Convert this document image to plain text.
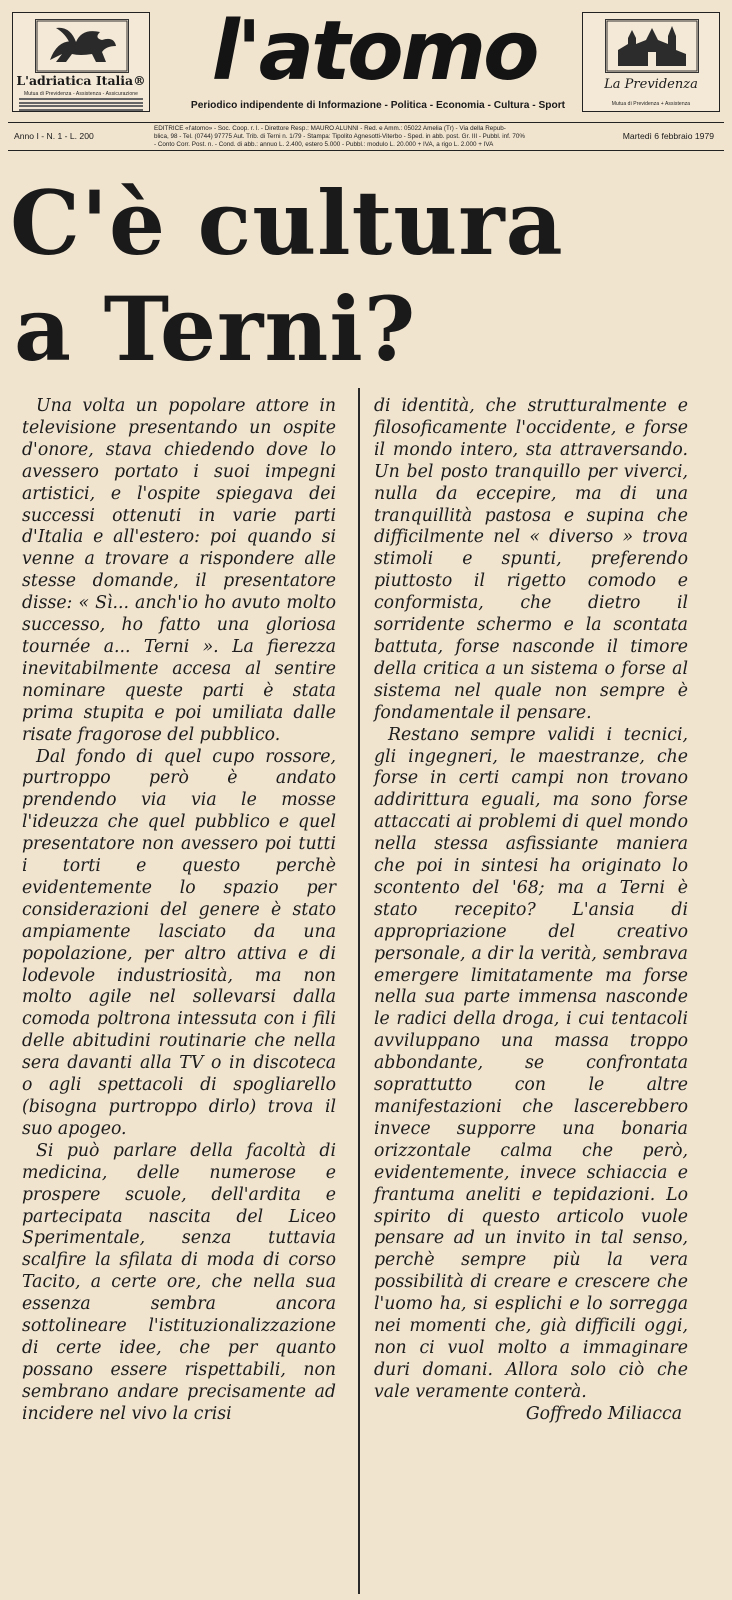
L'adriatica Italia®
Mutua di Previdenza - Assistenza - Assicurazione l'atomo
Periodico indipendente di Informazione - Politica - Economia - Cultura - Sport
La Previdenza
Mutua di Previdenza + Assistenza
Anno I - N. 1 - L. 200
EDITRICE «l'atomo» - Soc. Coop. r. l. - Direttore Resp.: MAURO ALUNNI - Red. e Amm.: 05022 Amelia (Tr) - Via della Repub-
blica, 98 - Tel. (0744) 97775 Aut. Trib. di Terni n. 1/79 - Stampa: Tipolito Agnesotti-Viterbo - Sped. in abb. post. Gr. III - Pubbl. inf. 70%
- Conto Corr. Post. n. - Cond. di abb.: annuo L. 2.400, estero 5.000 - Pubbl.: modulo L. 20.000 + IVA, a rigo L. 2.000 + IVA
Martedì 6 febbraio 1979
C'è cultura
a Terni?

Una volta un popolare attore in televisione presentando un ospite d'onore, stava chiedendo dove lo avessero portato i suoi impegni artistici, e l'ospite spiegava dei successi ottenuti in varie parti d'Italia e all'estero: poi quando si venne a trovare a rispondere alle stesse domande, il presentatore disse: « Sì... anch'io ho avuto molto successo, ho fatto una gloriosa tournée a... Terni ». La fierezza inevitabilmente accesa al sentire nominare queste parti è stata prima stupita e poi umiliata dalle risate fragorose del pubblico.

Dal fondo di quel cupo rossore, purtroppo però è andato prendendo via via le mosse l'ideuzza che quel pubblico e quel presentatore non avessero poi tutti i torti e questo perchè evidentemente lo spazio per considerazioni del genere è stato ampiamente lasciato da una popolazione, per altro attiva e di lodevole industriosità, ma non molto agile nel sollevarsi dalla comoda poltrona intessuta con i fili delle abitudini routinarie che nella sera davanti alla TV o in discoteca o agli spettacoli di spogliarello (bisogna purtroppo dirlo) trova il suo apogeo.

Si può parlare della facoltà di medicina, delle numerose e prospere scuole, dell'ardita e partecipata nascita del Liceo Sperimentale, senza tuttavia scalfire la sfilata di moda di corso Tacito, a certe ore, che nella sua essenza sembra ancora sottolineare l'istituzionalizzazione di certe idee, che per quanto possano essere rispettabili, non sembrano andare precisamente ad incidere nel vivo la crisi

di identità, che strutturalmente e filosoficamente l'occidente, e forse il mondo intero, sta attraversando. Un bel posto tranquillo per viverci, nulla da eccepire, ma di una tranquillità pastosa e supina che difficilmente nel « diverso » trova stimoli e spunti, preferendo piuttosto il rigetto comodo e conformista, che dietro il sorridente schermo e la scontata battuta, forse nasconde il timore della critica a un sistema o forse al sistema nel quale non sempre è fondamentale il pensare.

Restano sempre validi i tecnici, gli ingegneri, le maestranze, che forse in certi campi non trovano addirittura eguali, ma sono forse attaccati ai problemi di quel mondo nella stessa asfissiante maniera che poi in sintesi ha originato lo scontento del '68; ma a Terni è stato recepito? L'ansia di appropriazione del creativo personale, a dir la verità, sembrava emergere limitatamente ma forse nella sua parte immensa nasconde le radici della droga, i cui tentacoli avviluppano una massa troppo abbondante, se confrontata soprattutto con le altre manifestazioni che lascerebbero invece supporre una bonaria orizzontale calma che però, evidentemente, invece schiaccia e frantuma aneliti e tepidazioni. Lo spirito di questo articolo vuole pensare ad un invito in tal senso, perchè sempre più la vera possibilità di creare e crescere che l'uomo ha, si esplichi e lo sorregga nei momenti che, già difficili oggi, non ci vuol molto a immaginare duri domani. Allora solo ciò che vale veramente conterà.

Goffredo Miliacca
